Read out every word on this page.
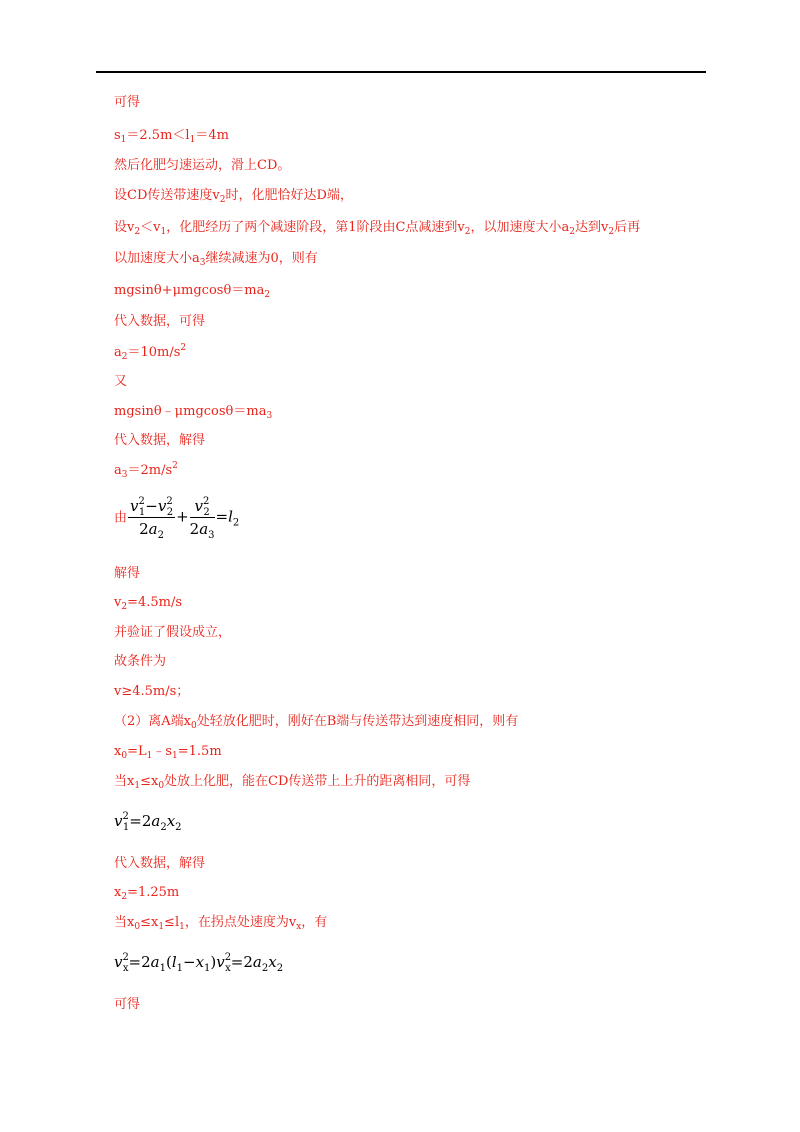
可得
$s_1=2.5m<l_1=4m$
然后化肥匀速运动，滑上CD。
设CD传送带速度$v_2$时，化肥恰好达D端，
设$v_2<v_1$，化肥经历了两个减速阶段，第1阶段由C点减速到$v_2$，以加速度大小$a_2$达到$v_2$后再
以加速度大小$a_3$继续减速为0，则有
$mgsin\theta+\mu mgcos\theta=ma_2$
代入数据，可得
$a_2=10m/s^2$
又
$mgsin\theta﹣\mu mgcos\theta=ma_3$
代入数据，解得
$a_3=2m/s^2$
由 $\frac{v^2_1-v^2_2}{2a_2} + \frac{v^2_2}{2a_3} =l_2$
解得
$v_2=4.5m/s$
并验证了假设成立，
故条件为
v≥4.5m/s；
（2）离A端$x_0$处轻放化肥时，刚好在B端与传送带达到速度相同，则有
$x_0=L_1﹣s_1=1.5m$
当$x_1\le x_0$处放上化肥，能在CD传送带上上升的距离相同，可得
$v^2_1=2a_2x_2$
代入数据，解得
$x_2=1.25m$
当$x_0\le x_1\le l_1$，在拐点处速度为$v_x$，有
$v^2_x=2a_1(l_1-x_1)v^2_x=2a_2x_2$
可得
